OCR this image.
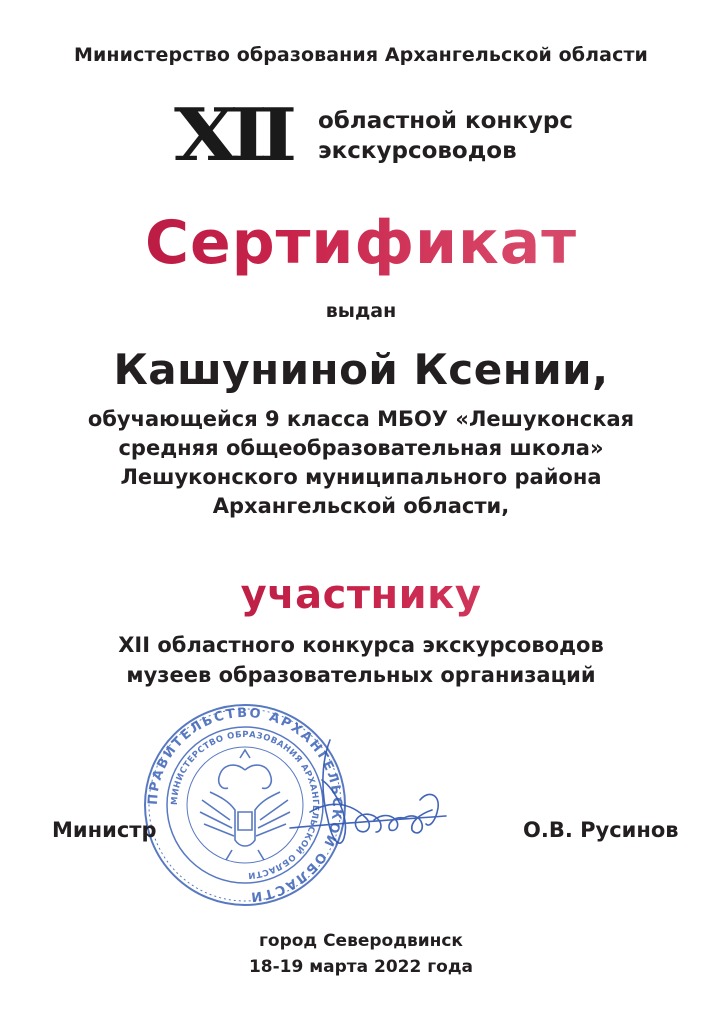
Министерство образования Архангельской области
XII областной конкурс
экскурсоводов
Сертификат
выдан
Кашуниной Ксении,
обучающейся 9 класса МБОУ «Лешуконская
средняя общеобразовательная школа»
Лешуконского муниципального района
Архангельской области,
участнику
XII областного конкурса экскурсоводов
музеев образовательных организаций
ПРАВИТЕЛЬСТВО АРХАНГЕЛЬСКОЙ ОБЛАСТИ
МИНИСТЕРСТВО ОБРАЗОВАНИЯ АРХАНГЕЛЬСКОЙ ОБЛАСТИ
Министр	О.В. Русинов
город Северодвинск
18-19 марта 2022 года
